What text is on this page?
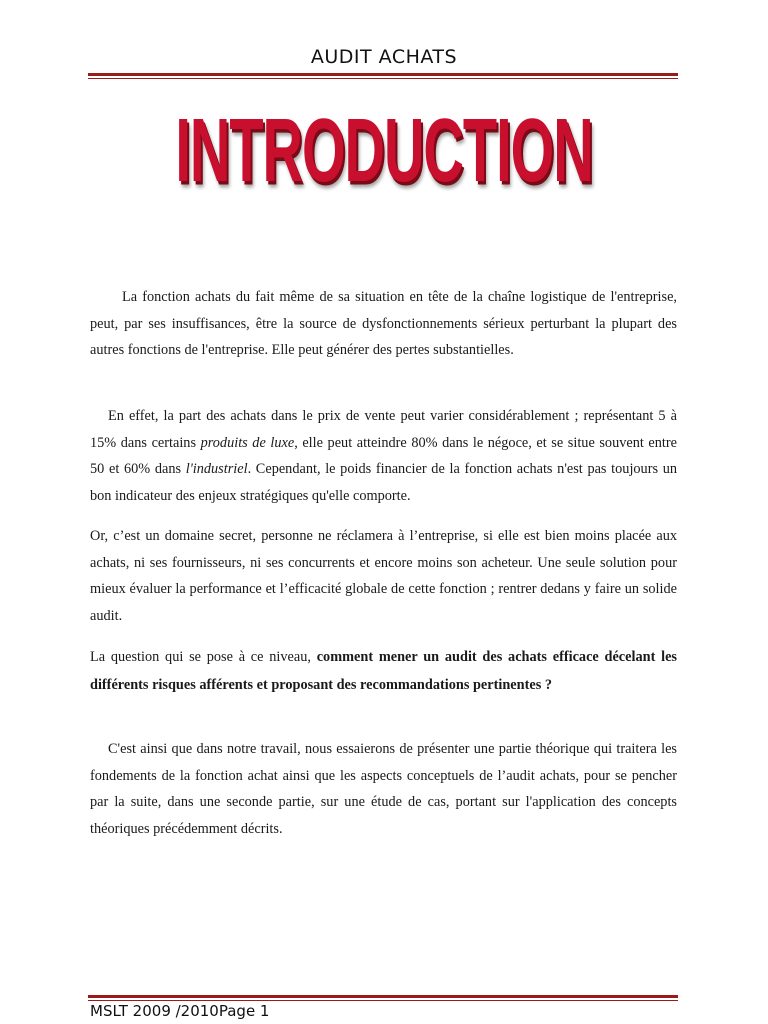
AUDIT ACHATS
INTRODUCTION

La fonction achats du fait même de sa situation en tête de la chaîne logistique de l'entreprise, peut, par ses insuffisances, être la source de dysfonctionnements sérieux perturbant la plupart des autres fonctions de l'entreprise. Elle peut générer des pertes substantielles.

En effet, la part des achats dans le prix de vente peut varier considérablement ; représentant 5 à 15% dans certains produits de luxe, elle peut atteindre 80% dans le négoce, et se situe souvent entre 50 et 60% dans l'industriel. Cependant, le poids financier de la fonction achats n'est pas toujours un bon indicateur des enjeux stratégiques qu'elle comporte.

Or, c’est un domaine secret, personne ne réclamera à l’entreprise, si elle est bien moins placée aux achats, ni ses fournisseurs, ni ses concurrents et encore moins son acheteur. Une seule solution pour mieux évaluer la performance et l’efficacité globale de cette fonction ; rentrer dedans y faire un solide audit.

La question qui se pose à ce niveau, comment mener un audit des achats efficace décelant les différents risques afférents et proposant des recommandations pertinentes ?

C'est ainsi que dans notre travail, nous essaierons de présenter une partie théorique qui traitera les fondements de la fonction achat ainsi que les aspects conceptuels de l’audit achats, pour se pencher par la suite, dans une seconde partie, sur une étude de cas, portant sur l'application des concepts théoriques précédemment décrits.

MSLT 2009 /2010Page 1
